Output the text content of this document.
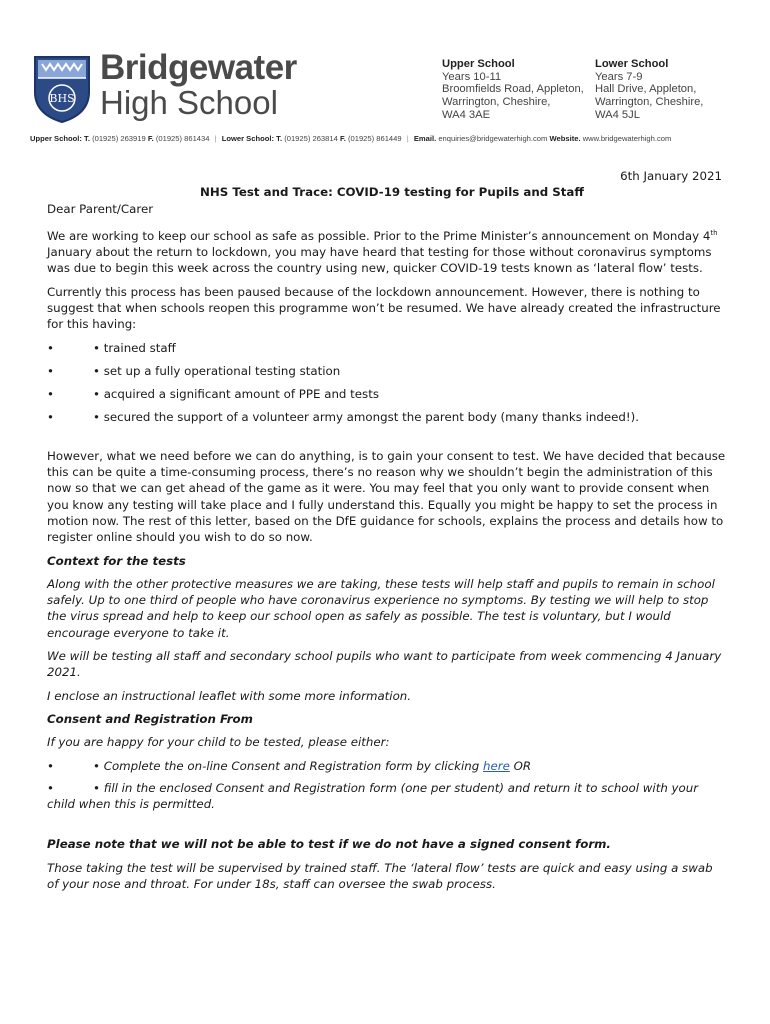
BHS
Bridgewater
High School
Upper School
Years 10-11
Broomfields Road, Appleton,
Warrington, Cheshire,
WA4 3AE
Lower School
Years 7-9
Hall Drive, Appleton,
Warrington, Cheshire,
WA4 5JL
Upper School: T. (01925) 263919 F. (01925) 861434 | Lower School: T. (01925) 263814 F. (01925) 861449 | Email. enquiries@bridgewaterhigh.com Website. www.bridgewaterhigh.com
6th January 2021
NHS Test and Trace: COVID-19 testing for Pupils and Staff

Dear Parent/Carer

We are working to keep our school as safe as possible. Prior to the Prime Minister’s announcement on Monday 4th January about the return to lockdown, you may have heard that testing for those without coronavirus symptoms was due to begin this week across the country using new, quicker COVID-19 tests known as ‘lateral flow’ tests.

Currently this process has been paused because of the lockdown announcement. However, there is nothing to suggest that when schools reopen this programme won’t be resumed. We have already created the infrastructure for this having:

•	• trained staff
•	• set up a fully operational testing station
•	• acquired a significant amount of PPE and tests
•	• secured the support of a volunteer army amongst the parent body (many thanks indeed!).

However, what we need before we can do anything, is to gain your consent to test. We have decided that because this can be quite a time-consuming process, there’s no reason why we shouldn’t begin the administration of this now so that we can get ahead of the game as it were. You may feel that you only want to provide consent when you know any testing will take place and I fully understand this. Equally you might be happy to set the process in motion now. The rest of this letter, based on the DfE guidance for schools, explains the process and details how to register online should you wish to do so now.

Context for the tests

Along with the other protective measures we are taking, these tests will help staff and pupils to remain in school safely. Up to one third of people who have coronavirus experience no symptoms. By testing we will help to stop the virus spread and help to keep our school open as safely as possible. The test is voluntary, but I would encourage everyone to take it.

We will be testing all staff and secondary school pupils who want to participate from week commencing 4 January 2021.

I enclose an instructional leaflet with some more information.

Consent and Registration From

If you are happy for your child to be tested, please either:

•	• Complete the on-line Consent and Registration form by clicking here OR

•	• fill in the enclosed Consent and Registration form (one per student) and return it to school with your child when this is permitted.

Please note that we will not be able to test if we do not have a signed consent form.

Those taking the test will be supervised by trained staff. The ‘lateral flow’ tests are quick and easy using a swab of your nose and throat. For under 18s, staff can oversee the swab process.
